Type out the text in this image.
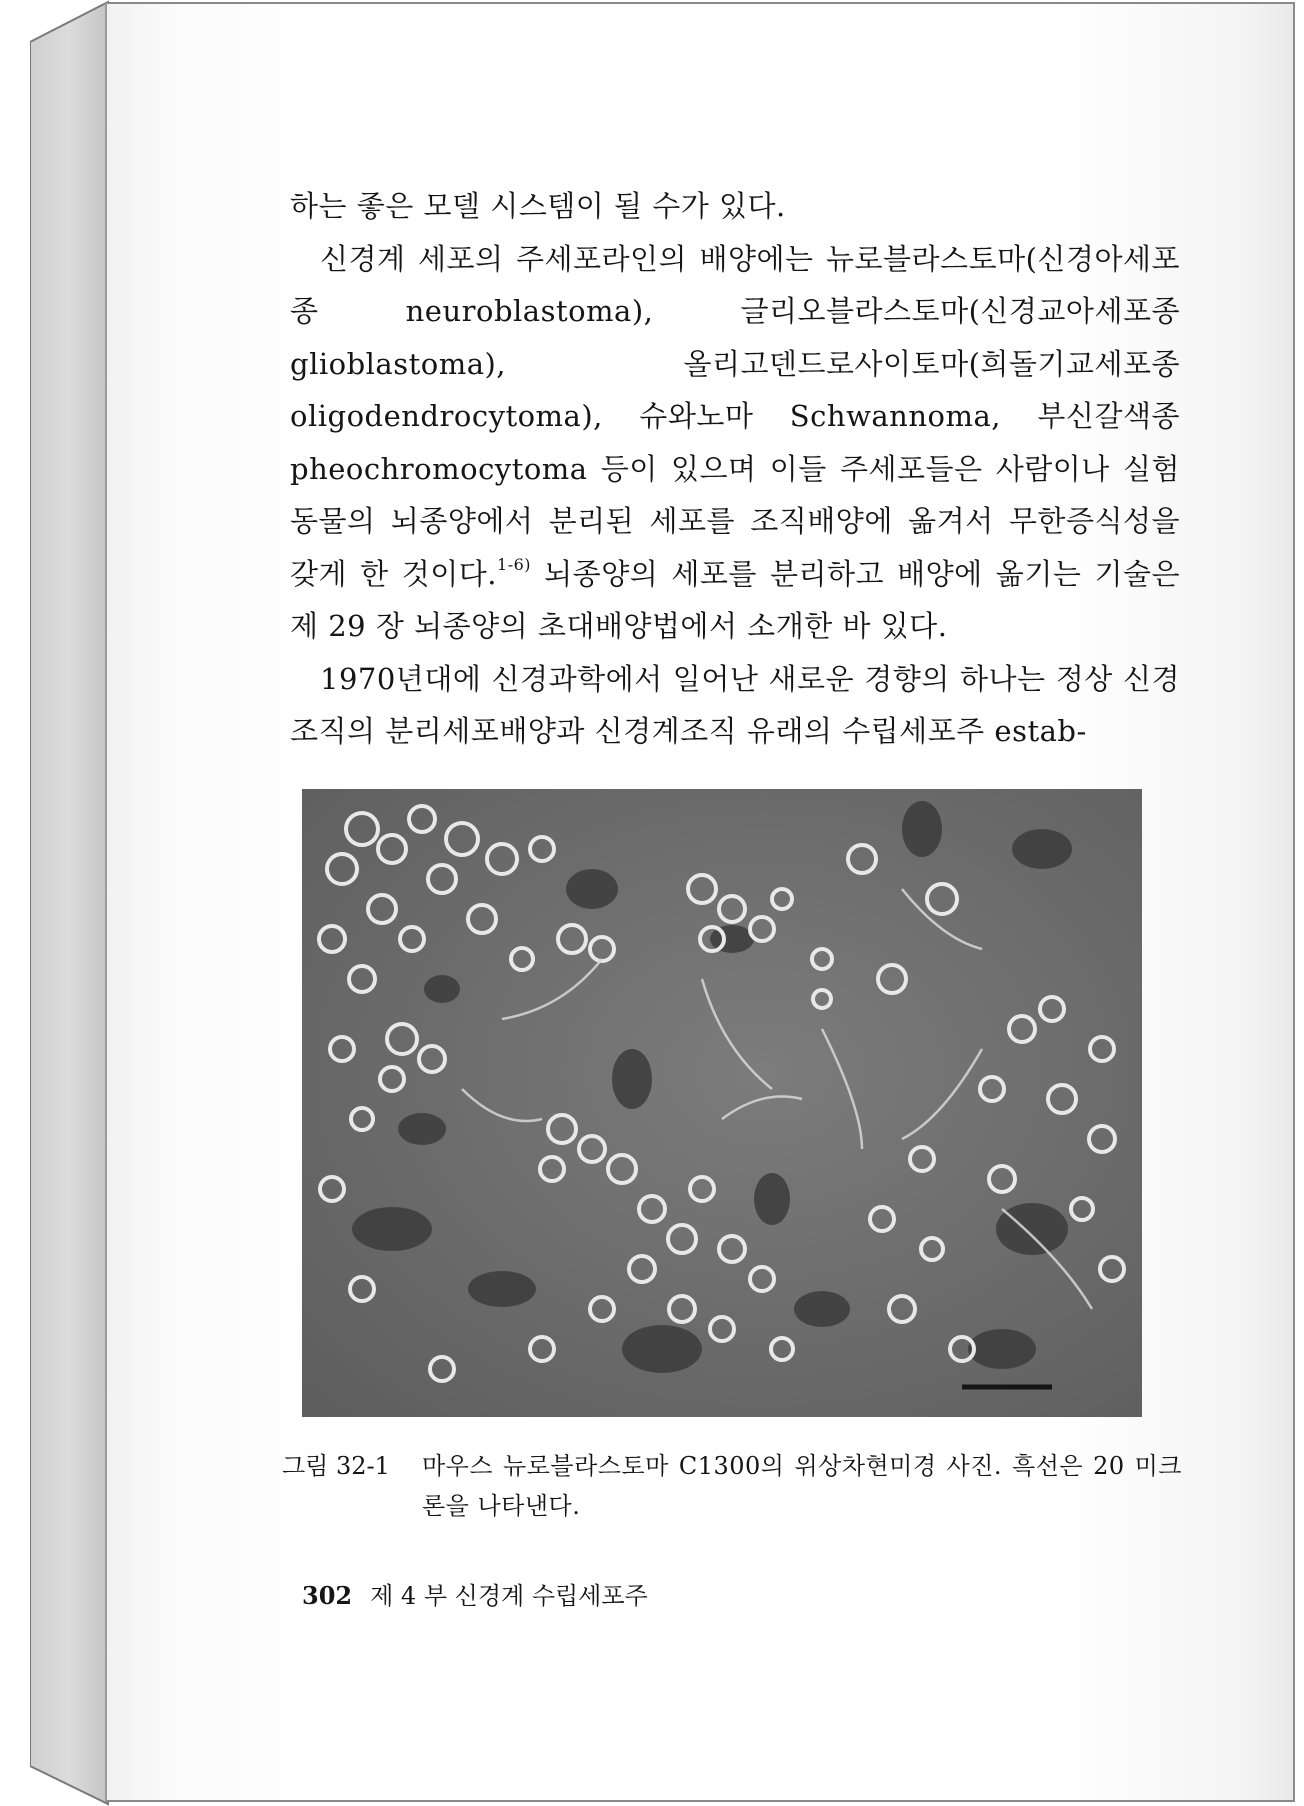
하는 좋은 모델 시스템이 될 수가 있다.

신경계 세포의 주세포라인의 배양에는 뉴로블라스토마(신경아세포종 neuroblastoma), 글리오블라스토마(신경교아세포종 glioblastoma), 올리고덴드로사이토마(희돌기교세포종 oligodendrocytoma), 슈와노마 Schwannoma, 부신갈색종 pheochromocytoma 등이 있으며 이들 주세포들은 사람이나 실험동물의 뇌종양에서 분리된 세포를 조직배양에 옮겨서 무한증식성을 갖게 한 것이다.$^{1-6)}$ 뇌종양의 세포를 분리하고 배양에 옮기는 기술은 제 29 장 뇌종양의 초대배양법에서 소개한 바 있다.

1970년대에 신경과학에서 일어난 새로운 경향의 하나는 정상 신경조직의 분리세포배양과 신경계조직 유래의 수립세포주 estab-

그림 32-1 마우스 뉴로블라스토마 C1300의 위상차현미경 사진. 흑선은 20 미크론을 나타낸다.
302 제 4 부 신경계 수립세포주
